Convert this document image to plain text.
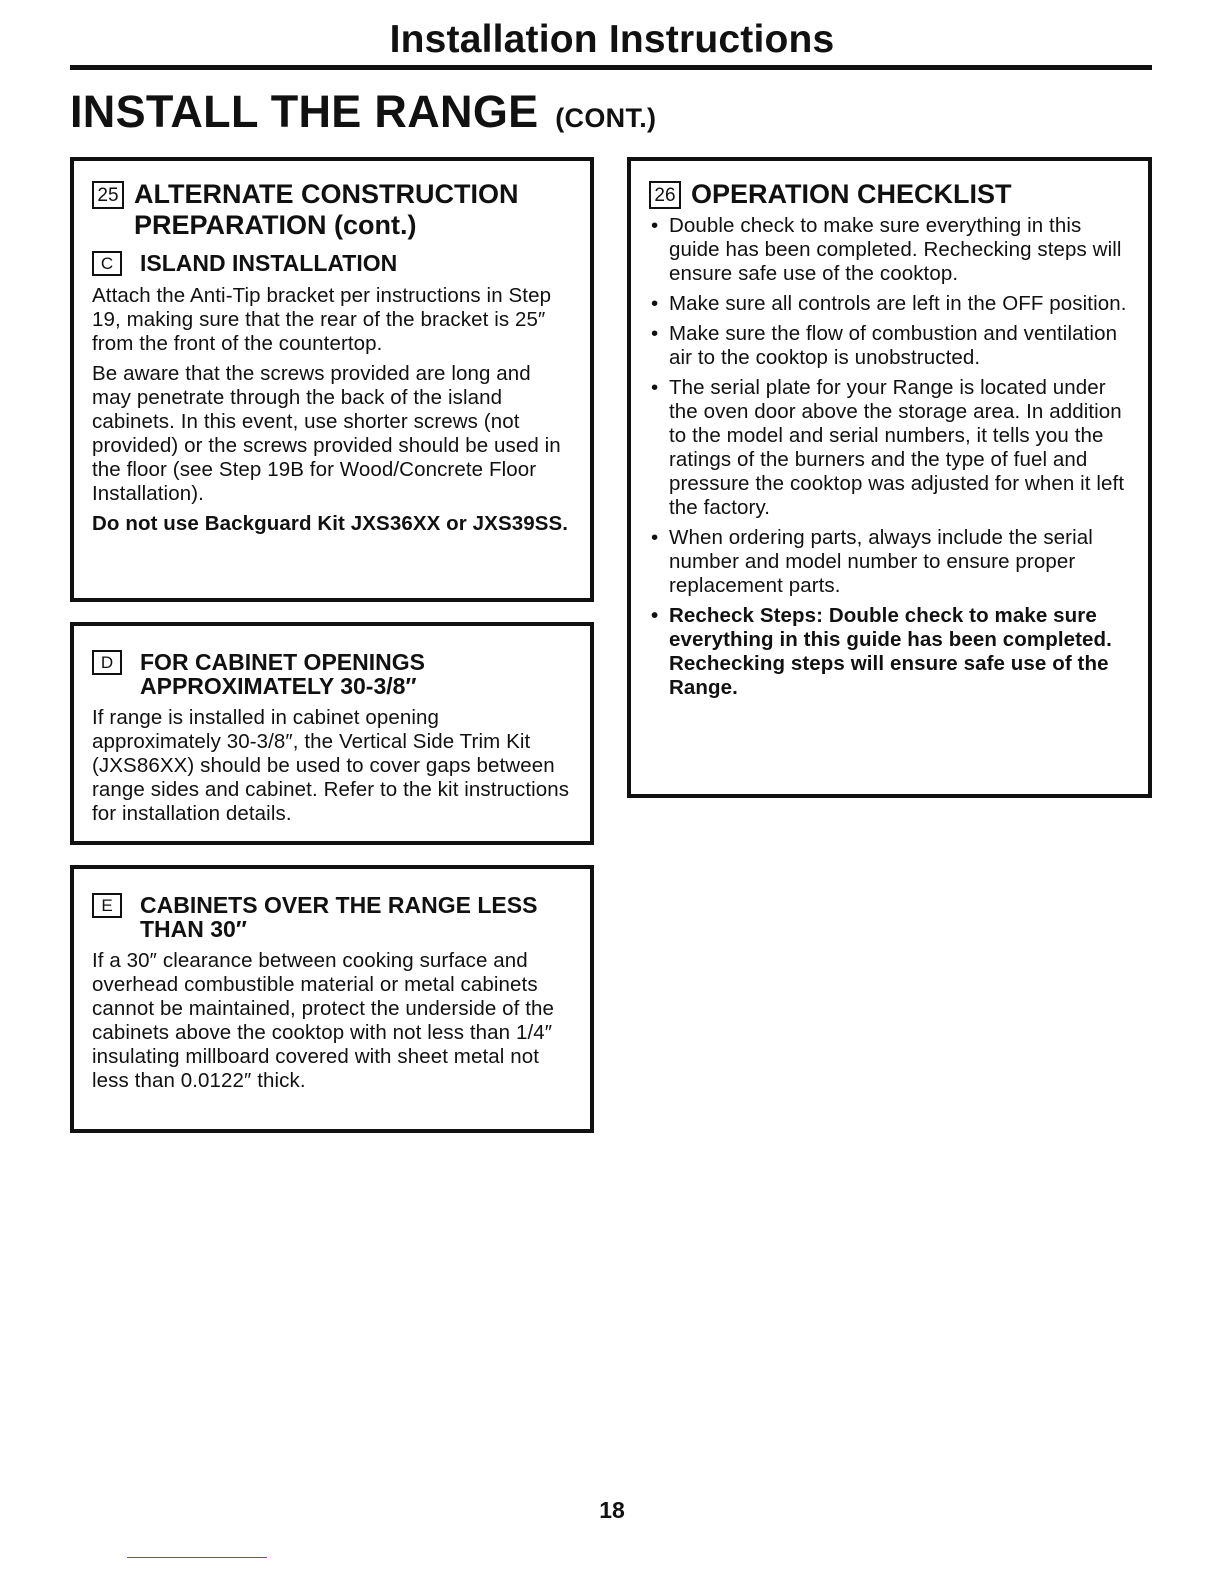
Installation Instructions
INSTALL THE RANGE (CONT.)
25 ALTERNATE CONSTRUCTION
PREPARATION (cont.)
C	ISLAND INSTALLATION

Attach the Anti-Tip bracket per instructions in Step 19, making sure that the rear of the bracket is 25″ from the front of the countertop.

Be aware that the screws provided are long and may penetrate through the back of the island cabinets. In this event, use shorter screws (not provided) or the screws provided should be used in the floor (see Step 19B for Wood/Concrete Floor Installation).

Do not use Backguard Kit JXS36XX or JXS39SS.

D	FOR CABINET OPENINGS
APPROXIMATELY 30-3/8″

If range is installed in cabinet opening approximately 30-3/8″, the Vertical Side Trim Kit (JXS86XX) should be used to cover gaps between range sides and cabinet. Refer to the kit instructions for installation details.

E	CABINETS OVER THE RANGE LESS
THAN 30″

If a 30″ clearance between cooking surface and overhead combustible material or metal cabinets cannot be maintained, protect the underside of the cabinets above the cooktop with not less than 1/4″ insulating millboard covered with sheet metal not less than 0.0122″ thick.

26 OPERATION CHECKLIST
• Double check to make sure everything in this guide has been completed. Rechecking steps will ensure safe use of the cooktop.
• Make sure all controls are left in the OFF position.
• Make sure the flow of combustion and ventilation air to the cooktop is unobstructed.
• The serial plate for your Range is located under the oven door above the storage area. In addition to the model and serial numbers, it tells you the ratings of the burners and the type of fuel and pressure the cooktop was adjusted for when it left the factory.
• When ordering parts, always include the serial number and model number to ensure proper replacement parts.
• Recheck Steps: Double check to make sure everything in this guide has been completed. Rechecking steps will ensure safe use of the Range.
18
